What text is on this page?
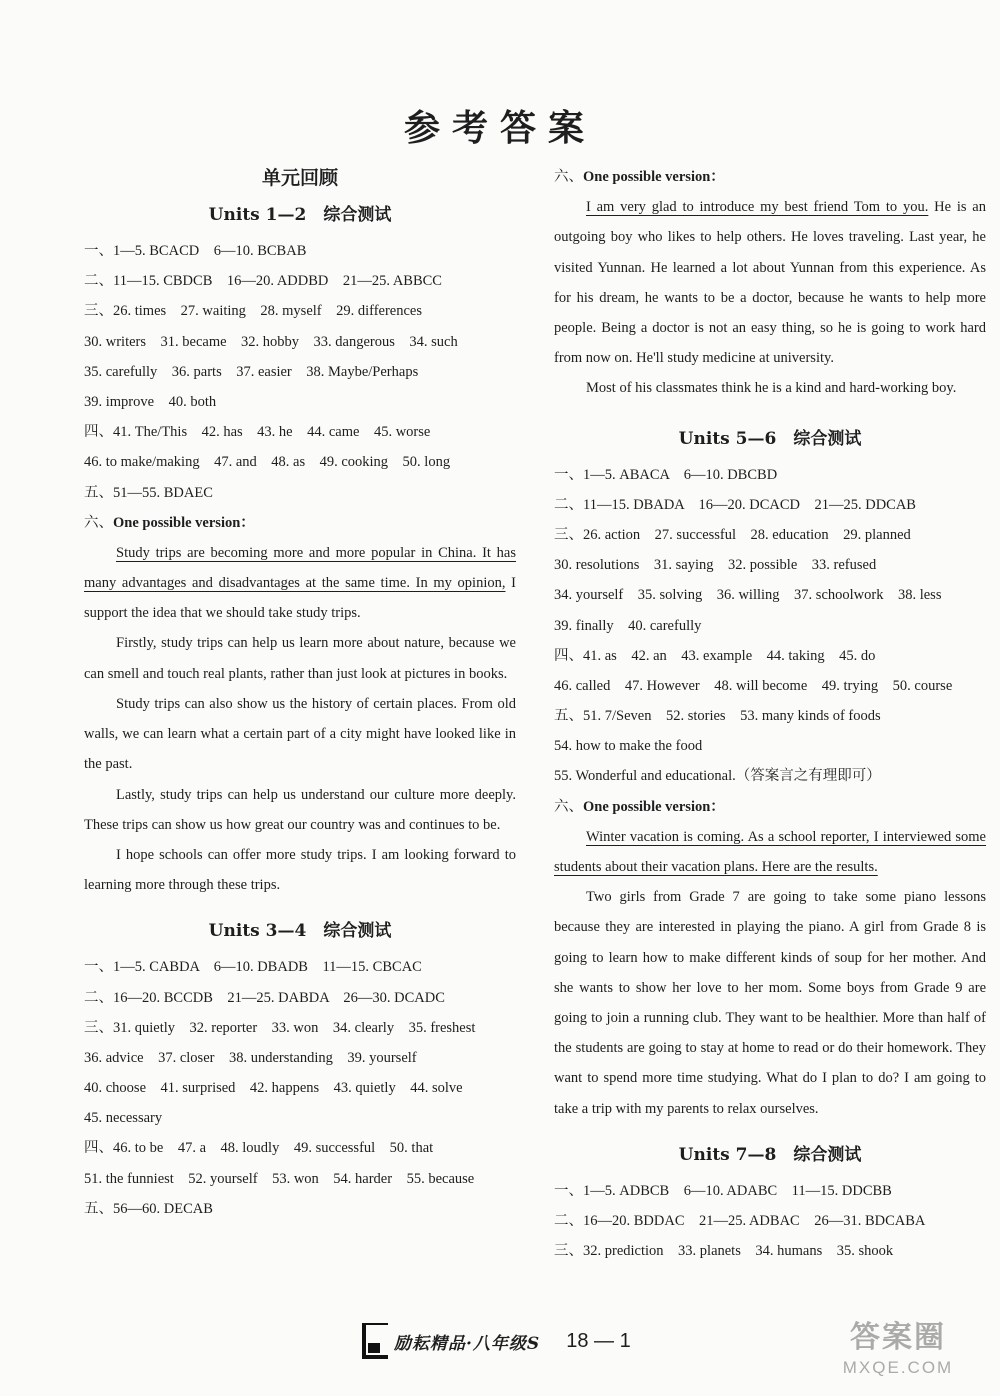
参考答案
单元回顾
Units 1—2　综合测试
一、1—5. BCACD　6—10. BCBAB
二、11—15. CBDCB　16—20. ADDBD　21—25. ABBCC
三、26. times　27. waiting　28. myself　29. differences
30. writers　31. became　32. hobby　33. dangerous　34. such
35. carefully　36. parts　37. easier　38. Maybe/Perhaps
39. improve　40. both
四、41. The/This　42. has　43. he　44. came　45. worse
46. to make/making　47. and　48. as　49. cooking　50. long
五、51—55. BDAEC
六、One possible version：

Study trips are becoming more and more popular in China. It has many advantages and disadvantages at the same time. In my opinion, I support the idea that we should take study trips.

Firstly, study trips can help us learn more about nature, because we can smell and touch real plants, rather than just look at pictures in books.

Study trips can also show us the history of certain places. From old walls, we can learn what a certain part of a city might have looked like in the past.

Lastly, study trips can help us understand our culture more deeply. These trips can show us how great our country was and continues to be.

I hope schools can offer more study trips. I am looking forward to learning more through these trips.

Units 3—4　综合测试
一、1—5. CABDA　6—10. DBADB　11—15. CBCAC
二、16—20. BCCDB　21—25. DABDA　26—30. DCADC
三、31. quietly　32. reporter　33. won　34. clearly　35. freshest
36. advice　37. closer　38. understanding　39. yourself
40. choose　41. surprised　42. happens　43. quietly　44. solve
45. necessary
四、46. to be　47. a　48. loudly　49. successful　50. that
51. the funniest　52. yourself　53. won　54. harder　55. because
五、56—60. DECAB
六、One possible version：

I am very glad to introduce my best friend Tom to you. He is an outgoing boy who likes to help others. He loves traveling. Last year, he visited Yunnan. He learned a lot about Yunnan from this experience. As for his dream, he wants to be a doctor, because he wants to help more people. Being a doctor is not an easy thing, so he is going to work hard from now on. He'll study medicine at university.

Most of his classmates think he is a kind and hard-working boy.

Units 5—6　综合测试
一、1—5. ABACA　6—10. DBCBD
二、11—15. DBADA　16—20. DCACD　21—25. DDCAB
三、26. action　27. successful　28. education　29. planned
30. resolutions　31. saying　32. possible　33. refused
34. yourself　35. solving　36. willing　37. schoolwork　38. less
39. finally　40. carefully
四、41. as　42. an　43. example　44. taking　45. do
46. called　47. However　48. will become　49. trying　50. course
五、51. 7/Seven　52. stories　53. many kinds of foods
54. how to make the food
55. Wonderful and educational.（答案言之有理即可）
六、One possible version：

Winter vacation is coming. As a school reporter, I interviewed some students about their vacation plans. Here are the results.

Two girls from Grade 7 are going to take some piano lessons because they are interested in playing the piano. A girl from Grade 8 is going to learn how to make different kinds of soup for her mother. And she wants to show her love to her mom. Some boys from Grade 9 are going to join a running club. They want to be healthier. More than half of the students are going to stay at home to read or do their homework. They want to spend more time studying. What do I plan to do? I am going to take a trip with my parents to relax ourselves.

Units 7—8　综合测试
一、1—5. ADBCB　6—10. ADABC　11—15. DDCBB
二、16—20. BDDAC　21—25. ADBAC　26—31. BDCABA
三、32. prediction　33. planets　34. humans　35. shook
励耘精品·八年级S 18 — 1	答案圈
MXQE.COM
